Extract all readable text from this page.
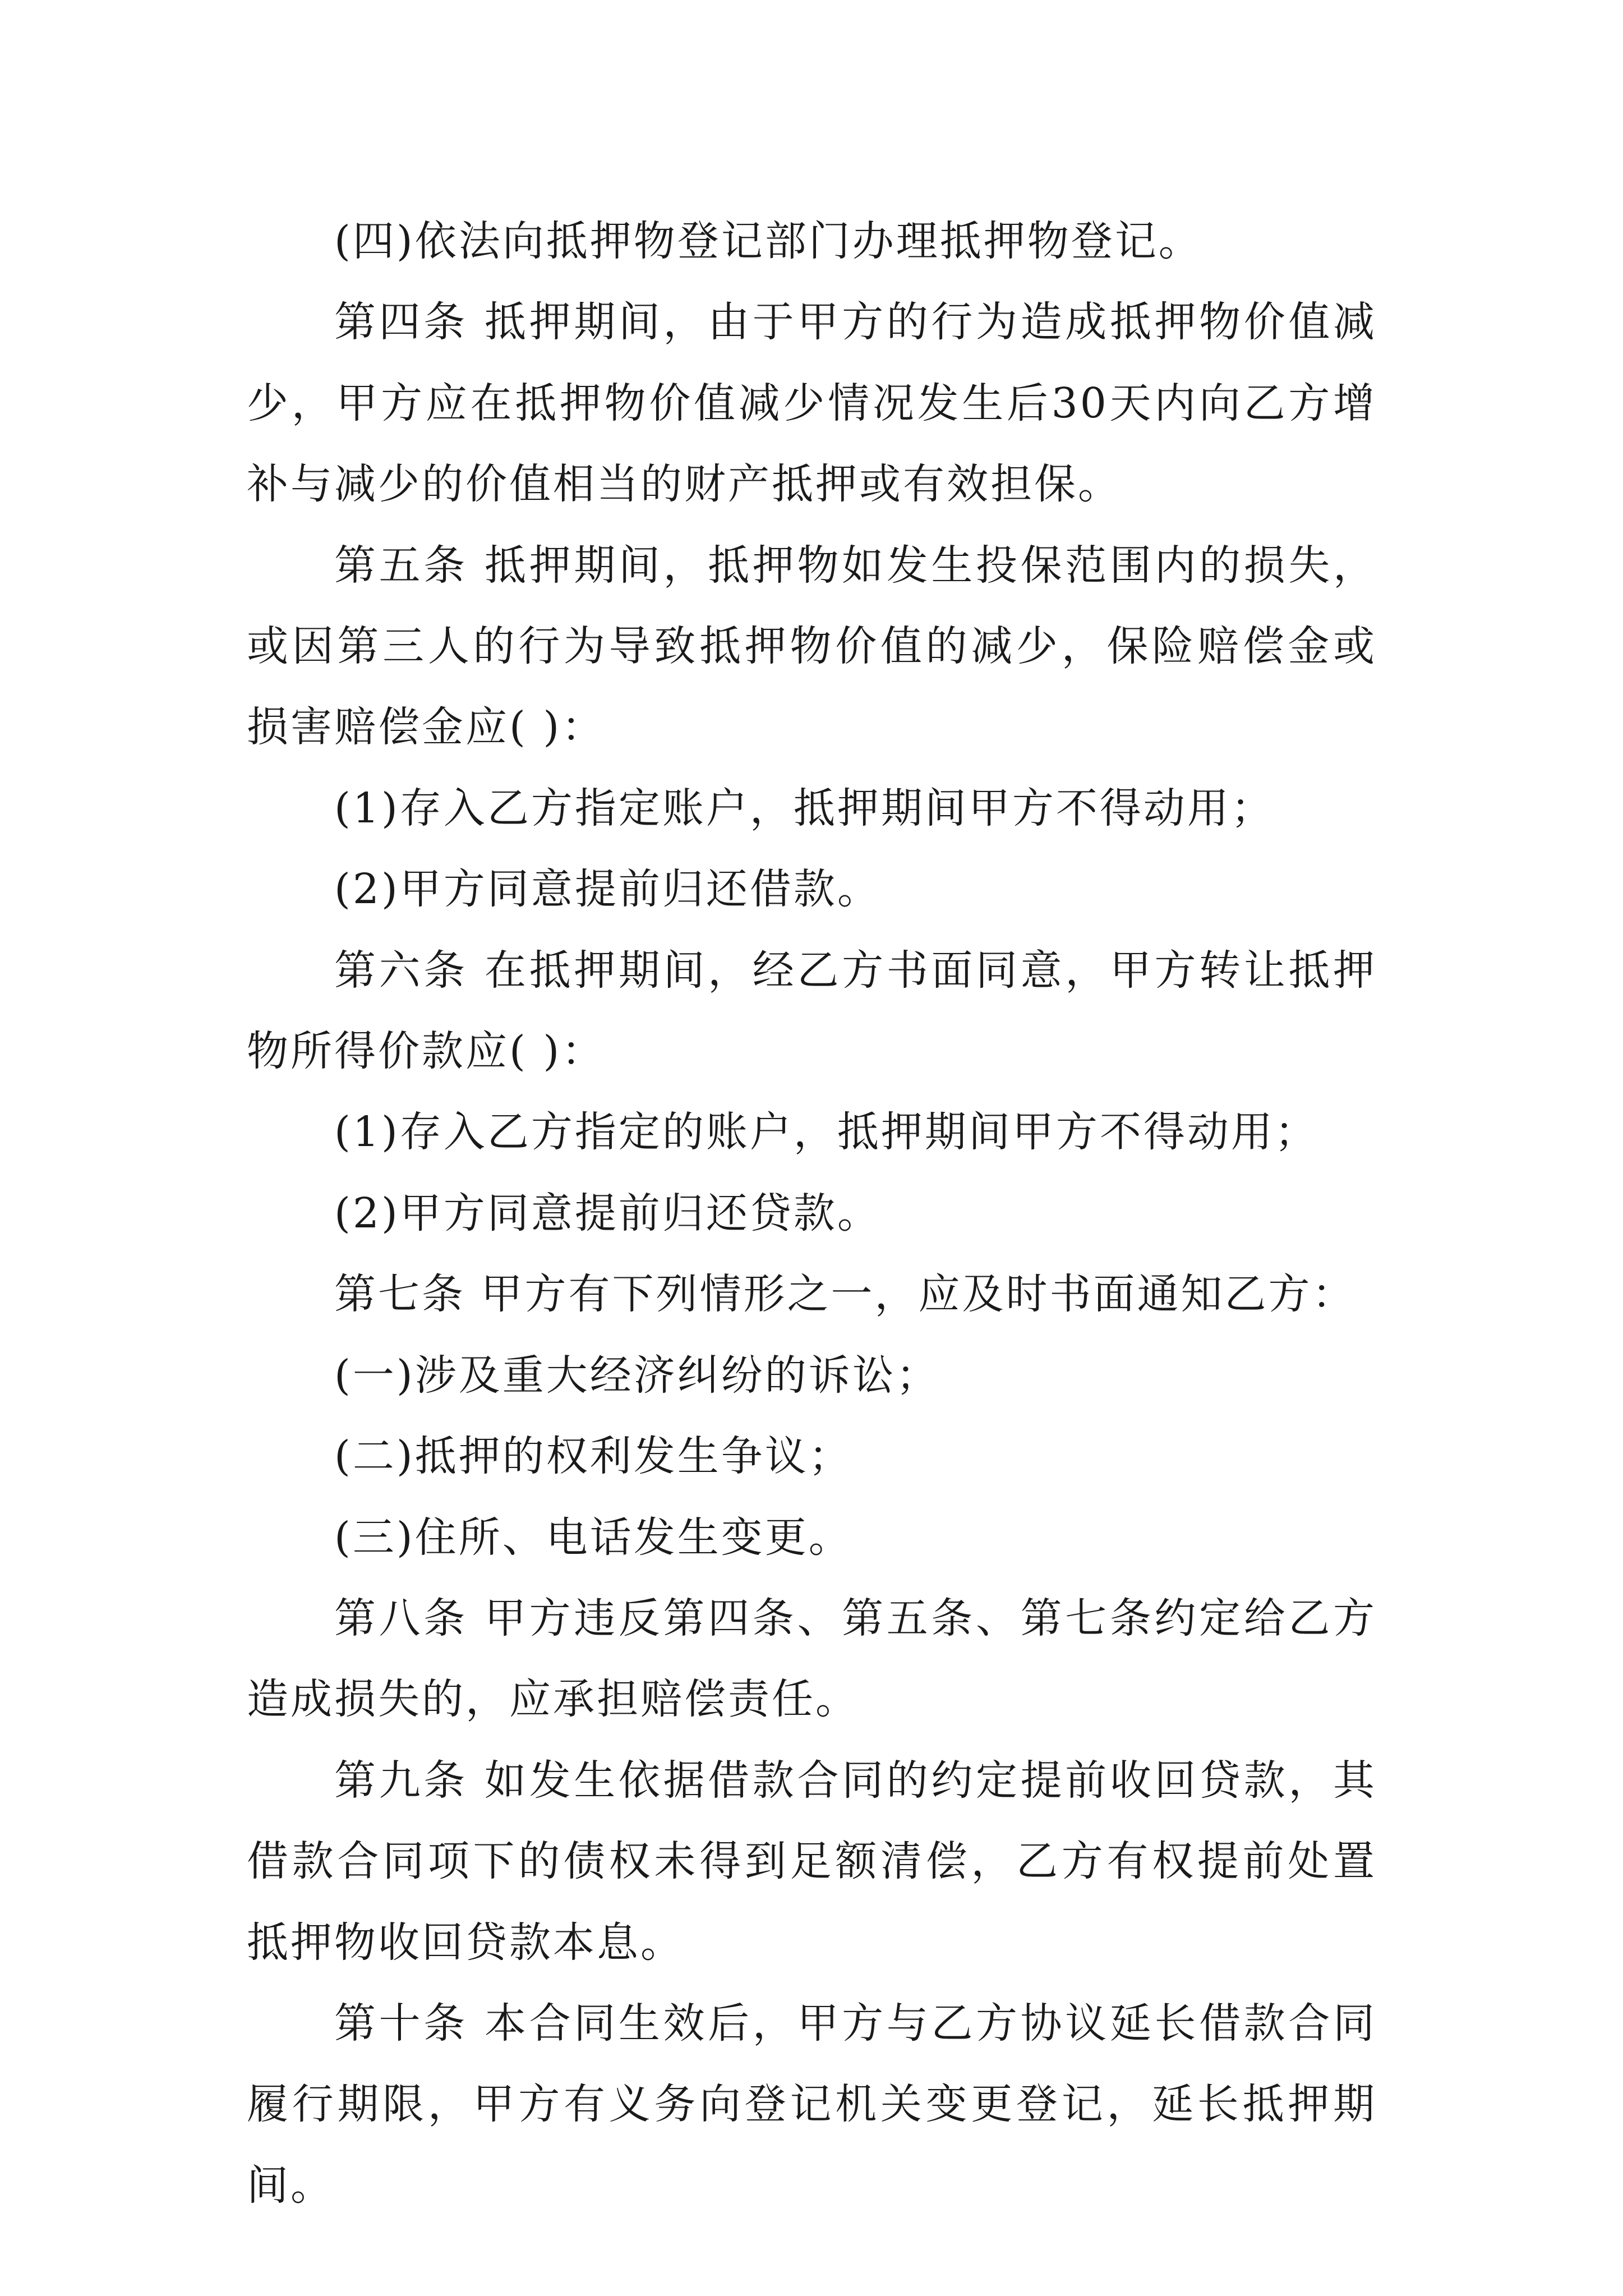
(四)依法向抵押物登记部门办理抵押物登记。

第四条 抵押期间，由于甲方的行为造成抵押物价值减少，甲方应在抵押物价值减少情况发生后30天内向乙方增补与减少的价值相当的财产抵押或有效担保。

第五条 抵押期间，抵押物如发生投保范围内的损失，或因第三人的行为导致抵押物价值的减少，保险赔偿金或损害赔偿金应( )：

(1)存入乙方指定账户，抵押期间甲方不得动用；

(2)甲方同意提前归还借款。

第六条 在抵押期间，经乙方书面同意，甲方转让抵押物所得价款应( )：

(1)存入乙方指定的账户，抵押期间甲方不得动用；

(2)甲方同意提前归还贷款。

第七条 甲方有下列情形之一，应及时书面通知乙方：

(一)涉及重大经济纠纷的诉讼；

(二)抵押的权利发生争议；

(三)住所、电话发生变更。

第八条 甲方违反第四条、第五条、第七条约定给乙方造成损失的，应承担赔偿责任。

第九条 如发生依据借款合同的约定提前收回贷款，其借款合同项下的债权未得到足额清偿，乙方有权提前处置抵押物收回贷款本息。

第十条 本合同生效后，甲方与乙方协议延长借款合同履行期限，甲方有义务向登记机关变更登记，延长抵押期间。
